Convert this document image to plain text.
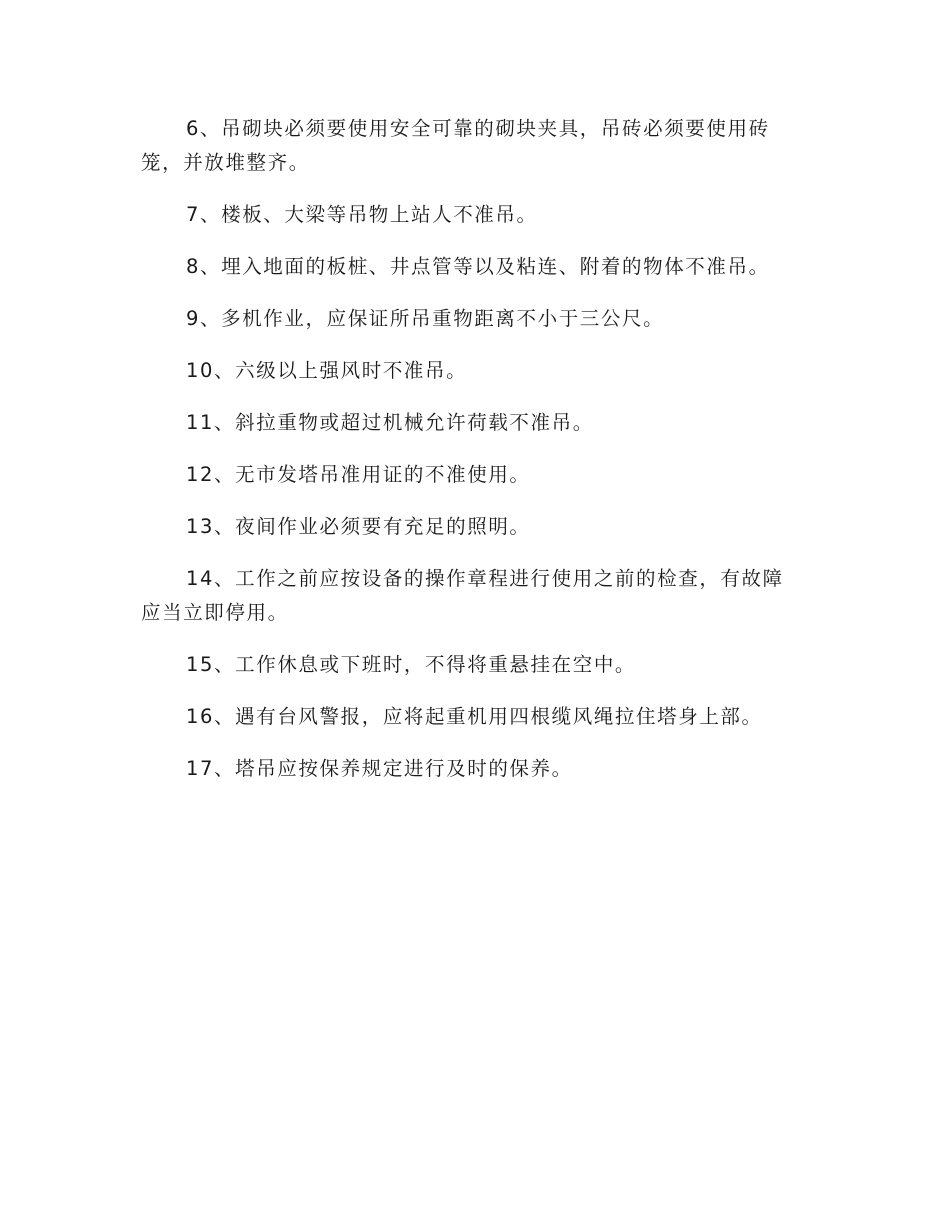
6、吊砌块必须要使用安全可靠的砌块夹具，吊砖必须要使用砖笼，并放堆整齐。

7、楼板、大梁等吊物上站人不准吊。

8、埋入地面的板桩、井点管等以及粘连、附着的物体不准吊。

9、多机作业，应保证所吊重物距离不小于三公尺。

10、六级以上强风时不准吊。

11、斜拉重物或超过机械允许荷载不准吊。

12、无市发塔吊准用证的不准使用。

13、夜间作业必须要有充足的照明。

14、工作之前应按设备的操作章程进行使用之前的检查，有故障应当立即停用。

15、工作休息或下班时，不得将重悬挂在空中。

16、遇有台风警报，应将起重机用四根缆风绳拉住塔身上部。

17、塔吊应按保养规定进行及时的保养。
